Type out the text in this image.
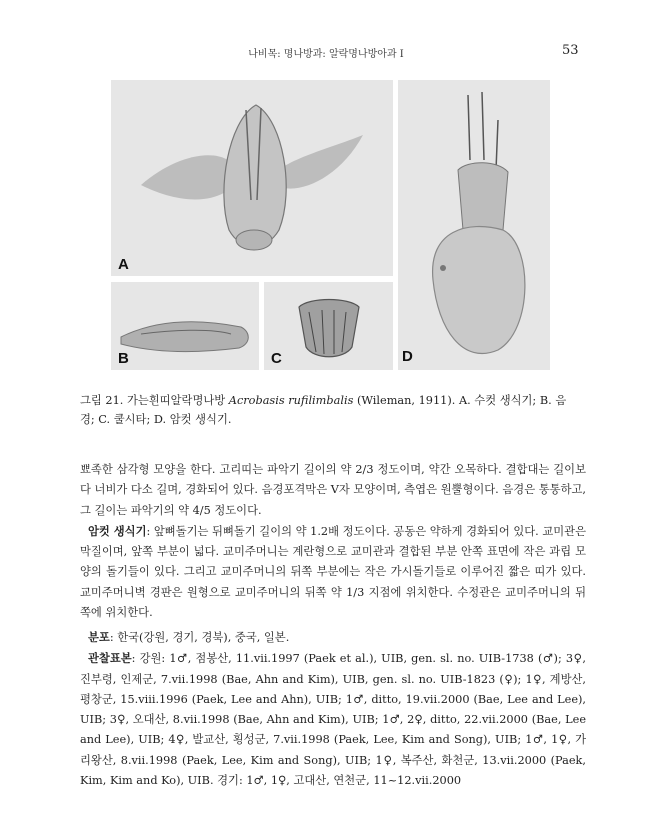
나비목: 명나방과: 알락명나방아과 I	53
A
B	C	D
그림 21. 가는흰띠알락명나방 Acrobasis rufilimbalis (Wileman, 1911). A. 수컷 생식기; B. 음경; C. 쿨시타; D. 암컷 생식기.

뾰족한 삼각형 모양을 한다. 고리띠는 파악기 길이의 약 2/3 정도이며, 약간 오목하다. 결합대는 길이보다 너비가 다소 길며, 경화되어 있다. 음경포격막은 V자 모양이며, 측엽은 원뿔형이다. 음경은 통통하고, 그 길이는 파악기의 약 4/5 정도이다.

암컷 생식기: 앞뼈돌기는 뒤뼈돌기 길이의 약 1.2배 정도이다. 공동은 약하게 경화되어 있다. 교미관은 막질이며, 앞쪽 부분이 넓다. 교미주머니는 계란형으로 교미관과 결합된 부분 안쪽 표면에 작은 과립 모양의 돌기들이 있다. 그리고 교미주머니의 뒤쪽 부분에는 작은 가시돌기들로 이루어진 짧은 띠가 있다. 교미주머니벽 경판은 원형으로 교미주머니의 뒤쪽 약 1/3 지점에 위치한다. 수정관은 교미주머니의 뒤쪽에 위치한다.

분포: 한국(강원, 경기, 경북), 중국, 일본.

관찰표본: 강원: 1♂, 점봉산, 11.vii.1997 (Paek et al.), UIB, gen. sl. no. UIB-1738 (♂); 3♀, 진부령, 인제군, 7.vii.1998 (Bae, Ahn and Kim), UIB, gen. sl. no. UIB-1823 (♀); 1♀, 계방산, 평창군, 15.viii.1996 (Paek, Lee and Ahn), UIB; 1♂, ditto, 19.vii.2000 (Bae, Lee and Lee), UIB; 3♀, 오대산, 8.vii.1998 (Bae, Ahn and Kim), UIB; 1♂, 2♀, ditto, 22.vii.2000 (Bae, Lee and Lee), UIB; 4♀, 발교산, 횡성군, 7.vii.1998 (Paek, Lee, Kim and Song), UIB; 1♂, 1♀, 가리왕산, 8.vii.1998 (Paek, Lee, Kim and Song), UIB; 1♀, 복주산, 화천군, 13.vii.2000 (Paek, Kim, Kim and Ko), UIB. 경기: 1♂, 1♀, 고대산, 연천군, 11~12.vii.2000
